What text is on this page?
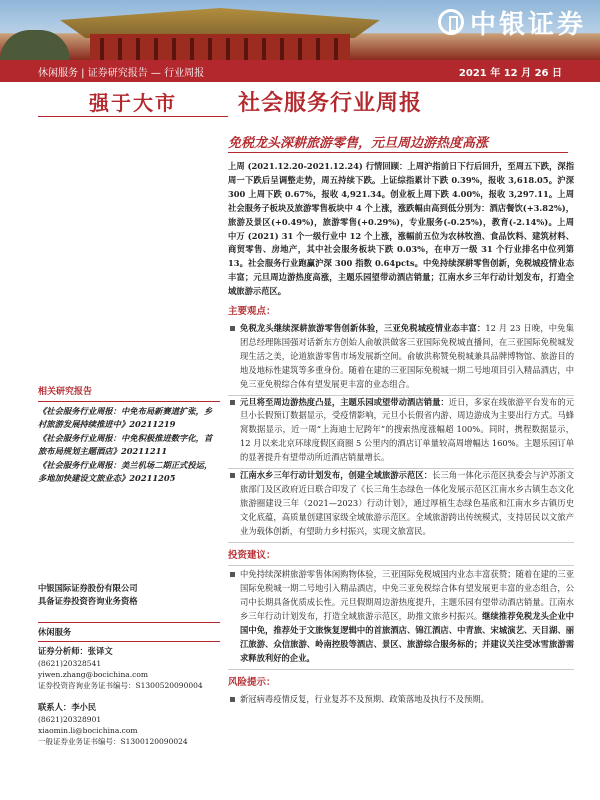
中银证券
休闲服务 | 证券研究报告 — 行业周报	2021 年 12 月 26 日
强于大市	社会服务行业周报
免税龙头深耕旅游零售，元旦周边游热度高涨

上周 (2021.12.20-2021.12.24) 行情回顾：上周沪指前日下行后回升，至周五下跌，深指周一下跌后呈调整走势，周五持续下跌。上证综指累计下跌 0.39%，报收 3,618.05。沪深 300 上周下跌 0.67%，报收 4,921.34。创业板上周下跌 4.00%，报收 3,297.11。上周社会服务子板块及旅游零售板块中 4 个上涨，涨跌幅由高到低分别为：酒店餐饮(+3.82%)，旅游及景区(+0.49%)，旅游零售(+0.29%)，专业服务(-0.25%)，教育(-2.14%)。上周中万 (2021) 31 个一级行业中 12 个上涨，涨幅前五位为农林牧渔、食品饮料、建筑材料、商贸零售、房地产，其中社会服务板块下跌 0.03%，在申万一级 31 个行业排名中位列第 13。社会服务行业跑赢沪深 300 指数 0.64pcts。中免持续深耕零售创新，免税城疫情业态丰富；元旦周边游热度高涨，主题乐园望带动酒店销量；江南水乡三年行动计划发布，打造全域旅游示范区。

主要观点：

免税龙头继续深耕旅游零售创新体验，三亚免税城疫情业态丰富：12 月 23 日晚，中免集团总经理陈国强对话新东方创始人俞敏洪做客三亚国际免税城直播间，在三亚国际免税城发现生活之美，论道旅游零售市场发展新空间。俞敏洪称赞免税城兼具品牌博物馆、旅游目的地及地标性建筑等多重身份。随着在建的三亚国际免税城一期二号地项目引入精品酒店，中免三亚免税综合体有望发展更丰富的业态组合。

元旦将至周边游热度凸显，主题乐园或望带动酒店销量：近日，多家在线旅游平台发布的元旦小长假预订数据显示，受疫情影响，元旦小长假省内游、周边游成为主要出行方式。马蜂窝数据显示，近一周“上海迪士尼跨年”的搜索热度涨幅超 100%。同时，携程数据显示，12 月以来北京环球度假区商圈 5 公里内的酒店订单量较高周增幅达 160%。主题乐园订单的显著提升有望带动所近酒店销量增长。

江南水乡三年行动计划发布，创建全域旅游示范区：长三角一体化示范区执委会与沪苏浙文旅部门及区政府近日联合印发了《长三角生态绿色一体化发展示范区江南水乡古镇生态文化旅游圈建设三年（2021—2023）行动计划》，通过厚植生态绿色基底和江南水乡古镇历史文化底蕴，高质量创建国家级全域旅游示范区。全域旅游跨出传统模式，支持居民以文旅产业为载体创新，有望助力乡村振兴，实现文旅富民。

投资建议：

中免持续深耕旅游零售体闲购物体验，三亚国际免税城国内业态丰富获赞；随着在建的三亚国际免税城一期二号地引入精品酒店，中免三亚免税综合体有望发展更丰富的业态组合，公司中长期具备优质成长性。元旦假期周边游热度提升，主题乐园有望带动酒店销量。江南水乡三年行动计划发布，打造全域旅游示范区，助推文旅乡村振兴。继续推荐免税龙头企业中国中免，推荐处于文旅恢复逻辑中的首旅酒店、锦江酒店、中青旅、宋城演艺、天目湖、丽江旅游、众信旅游、岭南控股等酒店、景区、旅游综合服务标的；并建议关注受冰雪旅游需求释放利好的企业。

风险提示：

新冠病毒疫情反复，行业复苏不及预期、政策落地及执行不及预期。

相关研究报告
《社会服务行业周报：中免布局新赛道扩张，乡村旅游发展持续推进中》20211219
《社会服务行业周报：中免积极推进数字化，首旅布局规划主题酒店》20211211
《社会服务行业周报：美兰机场二期正式投运，多地加快建设文旅业态》20211205
中银国际证券股份有限公司
具备证券投资咨询业务资格
休闲服务
证券分析师：张译文
(8621)20328541
yiwen.zhang@bocichina.com
证券投资咨询业务证书编号：S1300520090004
联系人：李小民
(8621)20328901
xiaomin.li@bocichina.com
一般证券业务证书编号：S1300120090024
